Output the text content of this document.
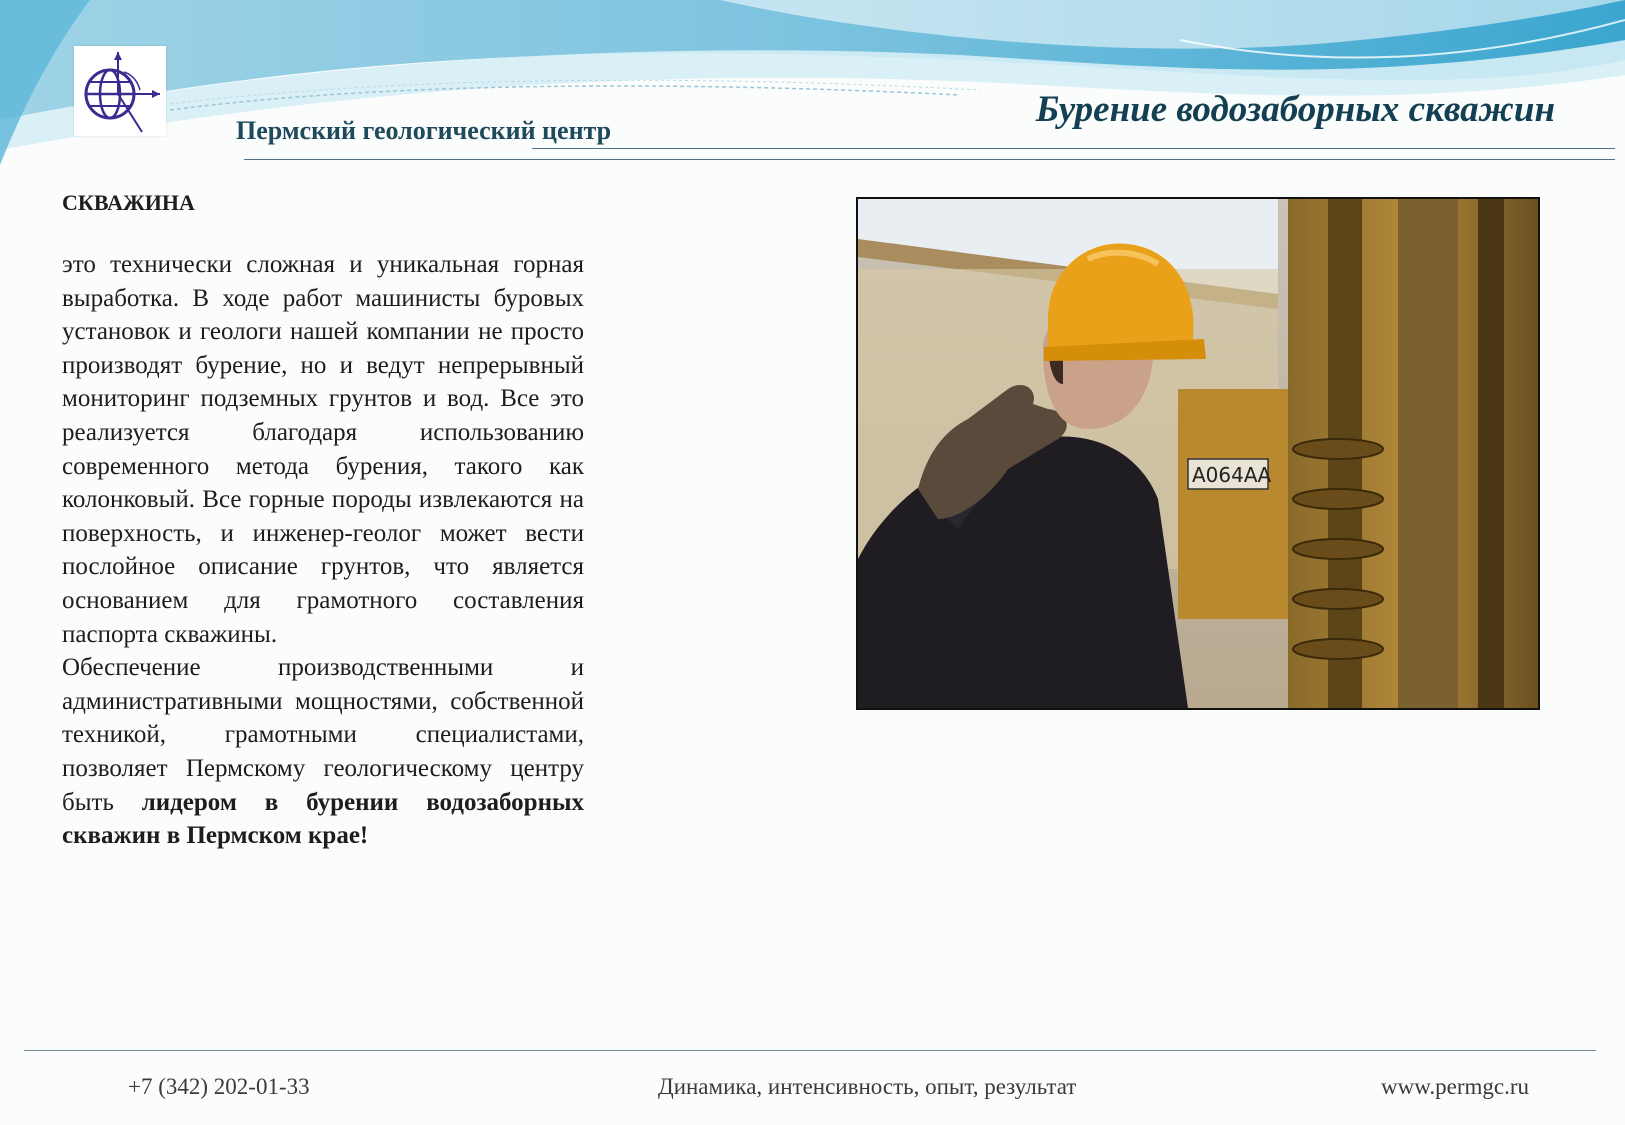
Пермский геологический центр
Бурение водозаборных скважин
СКВАЖИНА

это технически сложная и уникальная горная выработка. В ходе работ машинисты буровых установок и геологи нашей компании не просто производят бурение, но и ведут непрерывный мониторинг подземных грунтов и вод. Все это реализуется благодаря использованию современного метода бурения, такого как колонковый. Все горные породы извлекаются на поверхность, и инженер-геолог может вести послойное описание грунтов, что является основанием для грамотного составления паспорта скважины.

Обеспечение производственными и административными мощностями, собственной техникой, грамотными специалистами, позволяет Пермскому геологическому центру быть лидером в бурении водозаборных скважин в Пермском крае!

А064АА
+7 (342) 202-01-33	Динамика, интенсивность, опыт, результат	www.permgc.ru
